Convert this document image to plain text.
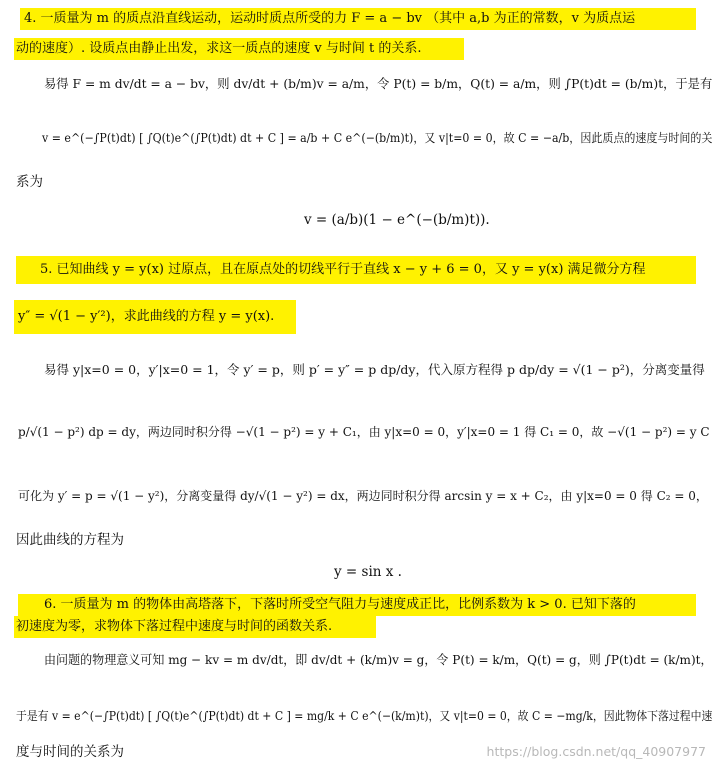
4. 一质量为 m 的质点沿直线运动，运动时质点所受的力 F = a − bv （其中 a,b 为正的常数，v 为质点运
动的速度）. 设质点由静止出发，求这一质点的速度 v 与时间 t 的关系.
易得 F = m dv/dt = a − bv，则 dv/dt + (b/m)v = a/m，令 P(t) = b/m，Q(t) = a/m，则 ∫P(t)dt = (b/m)t，于是有
v = e^(−∫P(t)dt) [ ∫Q(t)e^(∫P(t)dt) dt + C ] = a/b + C e^(−(b/m)t)，又 v|t=0 = 0，故 C = −a/b，因此质点的速度与时间的关
系为
v = (a/b)(1 − e^(−(b/m)t)).
5. 已知曲线 y = y(x) 过原点，且在原点处的切线平行于直线 x − y + 6 = 0，又 y = y(x) 满足微分方程
y″ = √(1 − y′²)，求此曲线的方程 y = y(x).
易得 y|x=0 = 0，y′|x=0 = 1，令 y′ = p，则 p′ = y″ = p dp/dy，代入原方程得 p dp/dy = √(1 − p²)，分离变量得
p/√(1 − p²) dp = dy，两边同时积分得 −√(1 − p²) = y + C₁，由 y|x=0 = 0，y′|x=0 = 1 得 C₁ = 0，故 −√(1 − p²) = y C
可化为 y′ = p = √(1 − y²)，分离变量得 dy/√(1 − y²) = dx，两边同时积分得 arcsin y = x + C₂，由 y|x=0 = 0 得 C₂ = 0，
因此曲线的方程为
y = sin x .
6. 一质量为 m 的物体由高塔落下，下落时所受空气阻力与速度成正比，比例系数为 k > 0. 已知下落的
初速度为零，求物体下落过程中速度与时间的函数关系.
由问题的物理意义可知 mg − kv = m dv/dt，即 dv/dt + (k/m)v = g，令 P(t) = k/m，Q(t) = g，则 ∫P(t)dt = (k/m)t，
于是有 v = e^(−∫P(t)dt) [ ∫Q(t)e^(∫P(t)dt) dt + C ] = mg/k + C e^(−(k/m)t)，又 v|t=0 = 0，故 C = −mg/k，因此物体下落过程中速
度与时间的关系为	https://blog.csdn.net/qq_40907977
